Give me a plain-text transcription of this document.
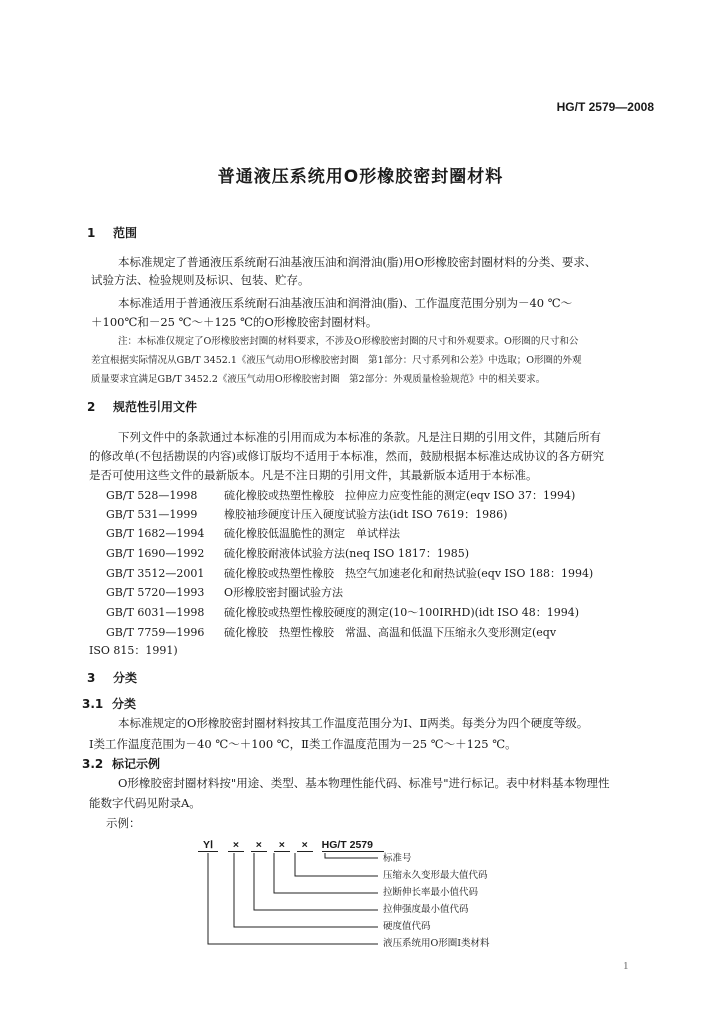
HG/T 2579—2008
普通液压系统用O形橡胶密封圈材料
1 范围
本标准规定了普通液压系统耐石油基液压油和润滑油(脂)用O形橡胶密封圈材料的分类、要求、
试验方法、检验规则及标识、包装、贮存。
本标准适用于普通液压系统耐石油基液压油和润滑油(脂)、工作温度范围分别为－40 ℃～
＋100℃和－25 ℃～＋125 ℃的O形橡胶密封圈材料。
注：本标准仅规定了O形橡胶密封圈的材料要求，不涉及O形橡胶密封圈的尺寸和外观要求。O形圈的尺寸和公
差宜根据实际情况从GB/T 3452.1《液压气动用O形橡胶密封圈　第1部分：尺寸系列和公差》中选取；O形圈的外观
质量要求宜满足GB/T 3452.2《液压气动用O形橡胶密封圈　第2部分：外观质量检验规范》中的相关要求。
2 规范性引用文件
下列文件中的条款通过本标准的引用而成为本标准的条款。凡是注日期的引用文件，其随后所有
的修改单(不包括勘误的内容)或修订版均不适用于本标准，然而，鼓励根据本标准达成协议的各方研究
是否可使用这些文件的最新版本。凡是不注日期的引用文件，其最新版本适用于本标准。
GB/T 528—1998 硫化橡胶或热塑性橡胶　拉伸应力应变性能的测定(eqv ISO 37：1994)
GB/T 531—1999 橡胶袖珍硬度计压入硬度试验方法(idt ISO 7619：1986)
GB/T 1682—1994 硫化橡胶低温脆性的测定　单试样法
GB/T 1690—1992 硫化橡胶耐液体试验方法(neq ISO 1817：1985)
GB/T 3512—2001 硫化橡胶或热塑性橡胶　热空气加速老化和耐热试验(eqv ISO 188：1994)
GB/T 5720—1993 O形橡胶密封圈试验方法
GB/T 6031—1998 硫化橡胶或热塑性橡胶硬度的测定(10～100IRHD)(idt ISO 48：1994)
GB/T 7759—1996 硫化橡胶　热塑性橡胶　常温、高温和低温下压缩永久变形测定(eqv
ISO 815：1991)
3 分类
3.1 分类
本标准规定的O形橡胶密封圈材料按其工作温度范围分为Ⅰ、Ⅱ两类。每类分为四个硬度等级。
Ⅰ类工作温度范围为－40 ℃～＋100 ℃，Ⅱ类工作温度范围为－25 ℃～＋125 ℃。
3.2 标记示例
O形橡胶密封圈材料按"用途、类型、基本物理性能代码、标准号"进行标记。表中材料基本物理性
能数字代码见附录A。
示例：
YⅠ × × × × HG/T 2579
标准号
压缩永久变形最大值代码
拉断伸长率最小值代码
拉伸强度最小值代码
硬度值代码
液压系统用O形圈Ⅰ类材料
1
